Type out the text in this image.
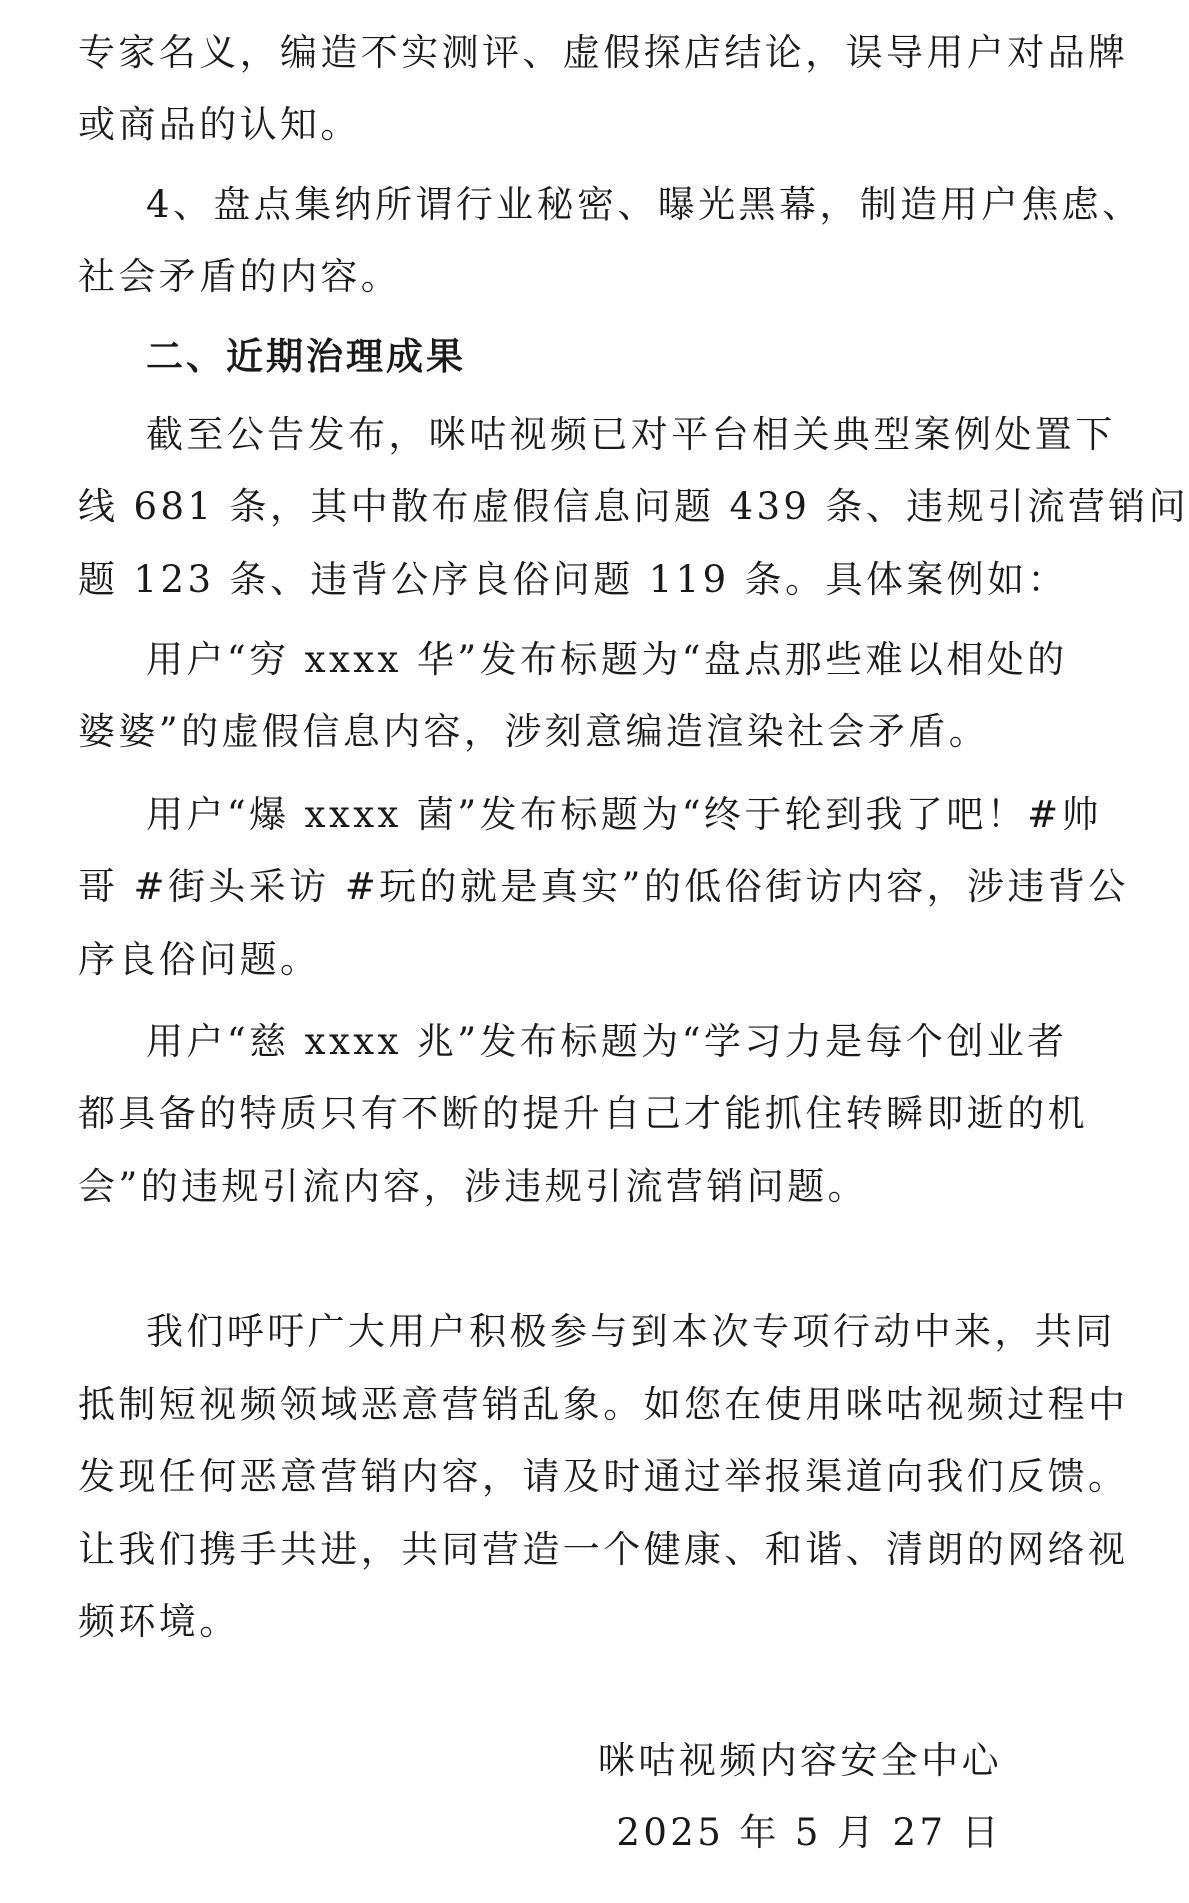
专家名义，编造不实测评、虚假探店结论，误导用户对品牌
或商品的认知。
4、盘点集纳所谓行业秘密、曝光黑幕，制造用户焦虑、
社会矛盾的内容。
二、近期治理成果
截至公告发布，咪咕视频已对平台相关典型案例处置下
线 681 条，其中散布虚假信息问题 439 条、违规引流营销问
题 123 条、违背公序良俗问题 119 条。具体案例如：
用户“穷 xxxx 华”发布标题为“盘点那些难以相处的
婆婆”的虚假信息内容，涉刻意编造渲染社会矛盾。
用户“爆 xxxx 菌”发布标题为“终于轮到我了吧！#帅
哥 #街头采访 #玩的就是真实”的低俗街访内容，涉违背公
序良俗问题。
用户“慈 xxxx 兆”发布标题为“学习力是每个创业者
都具备的特质只有不断的提升自己才能抓住转瞬即逝的机
会”的违规引流内容，涉违规引流营销问题。
我们呼吁广大用户积极参与到本次专项行动中来，共同
抵制短视频领域恶意营销乱象。如您在使用咪咕视频过程中
发现任何恶意营销内容，请及时通过举报渠道向我们反馈。
让我们携手共进，共同营造一个健康、和谐、清朗的网络视
频环境。
咪咕视频内容安全中心
2025 年 5 月 27 日
